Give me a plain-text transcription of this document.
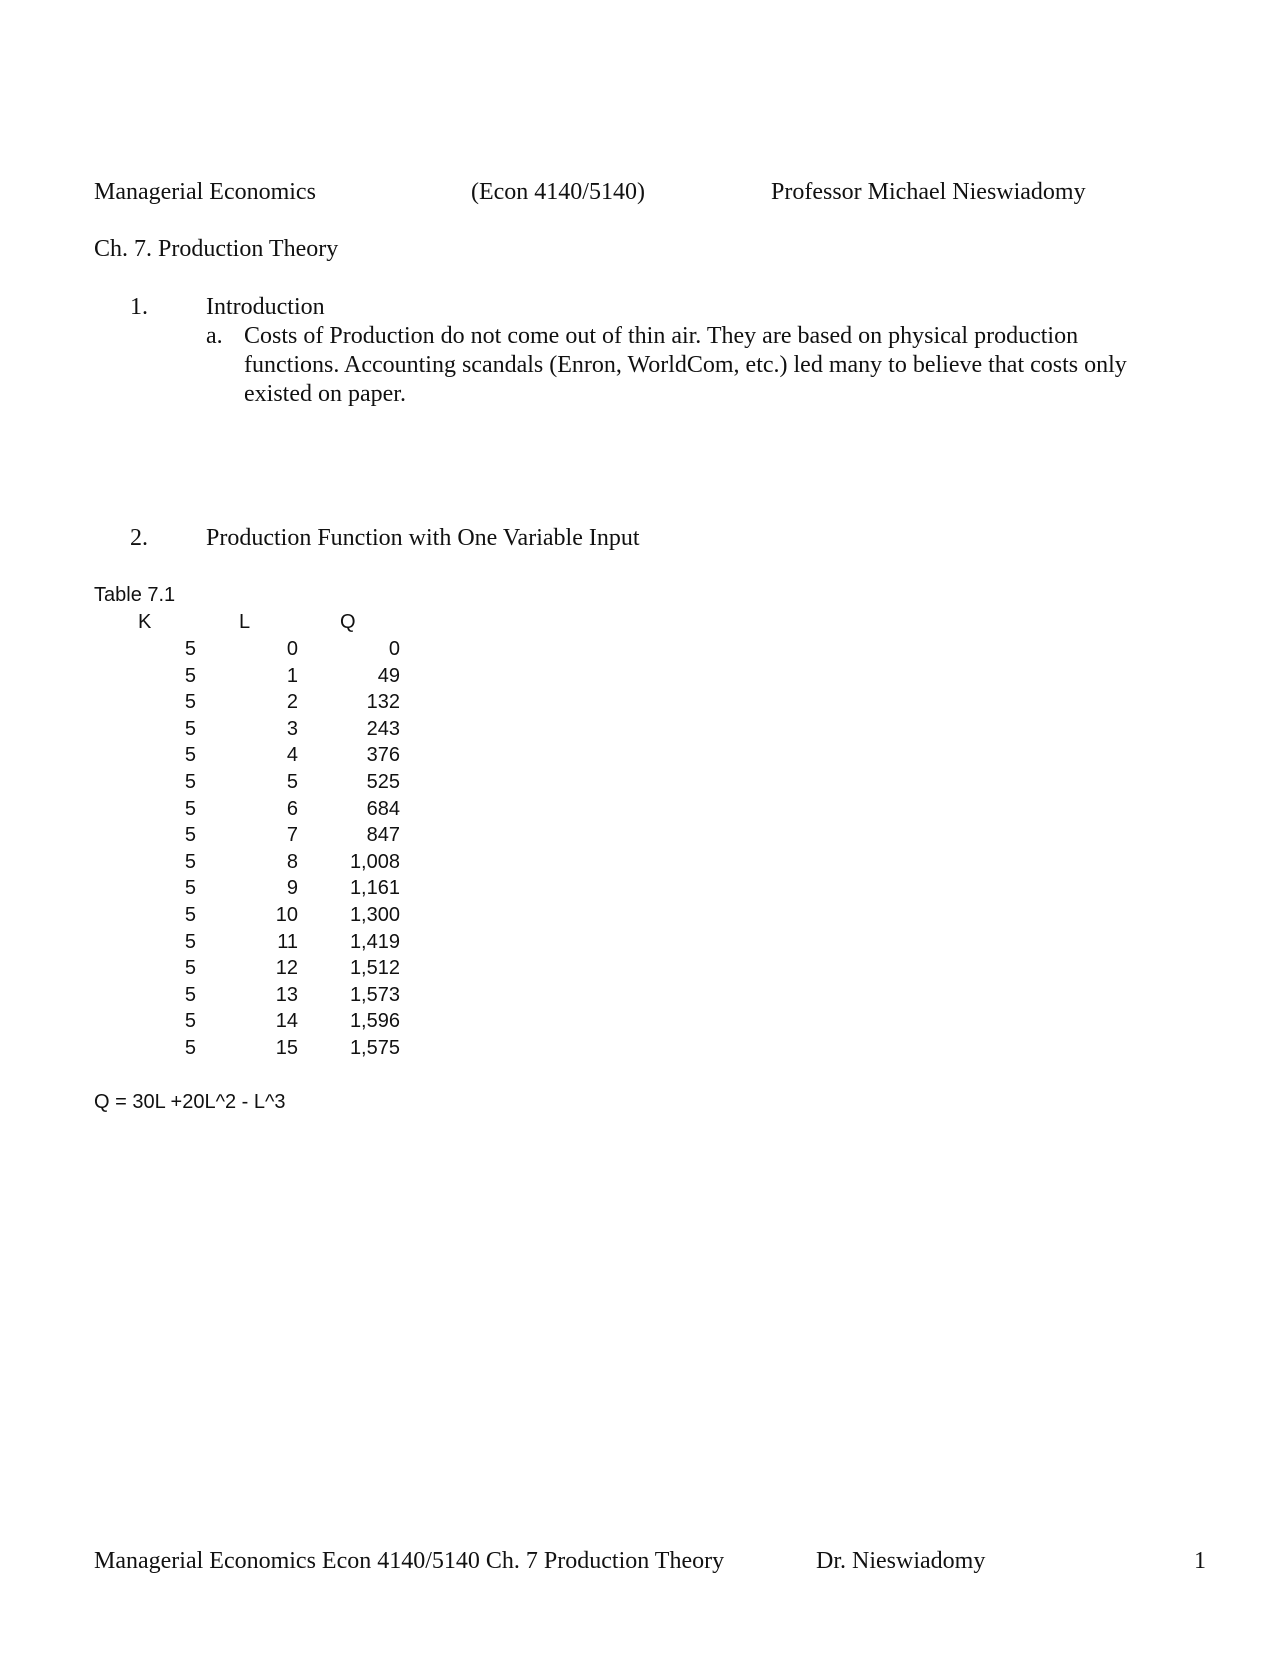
Managerial Economics	(Econ 4140/5140)	Professor Michael Nieswiadomy
Ch. 7. Production Theory
1. Introduction
a. Costs of Production do not come out of thin air. They are based on physical production
functions. Accounting scandals (Enron, WorldCom, etc.) led many to believe that costs only
existed on paper.
2. Production Function with One Variable Input
Table 7.1
K	L	Q
5	0	0
5	1	49
5	2	132
5	3	243
5	4	376
5	5	525
5	6	684
5	7	847
5	8	1,008
5	9	1,161
5	10	1,300
5	11	1,419
5	12	1,512
5	13	1,573
5	14	1,596
5	15	1,575
Q = 30L +20L^2 - L^3
Managerial Economics Econ 4140/5140 Ch. 7 Production Theory	Dr. Nieswiadomy	1
